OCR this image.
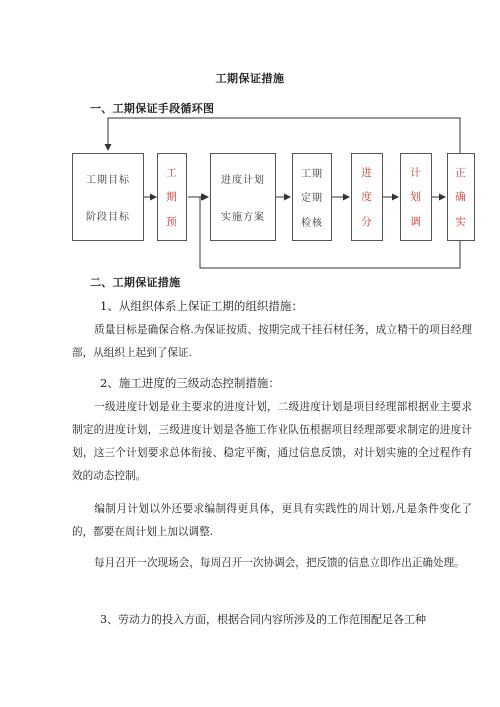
工期保证措施
一、工期保证手段循环图
工期目标
阶段目标
工
期
预
进度计划
实施方案
工期
定期
检核
进
度
分
计
划
调
正
确
实
二、工期保证措施
1、从组织体系上保证工期的组织措施：

质量目标是确保合格.为保证按质、按期完成干挂石材任务，成立精干的项目经理部，从组织上起到了保证.

2、施工进度的三级动态控制措施：

一级进度计划是业主要求的进度计划，二级进度计划是项目经理部根据业主要求制定的进度计划，三级进度计划是各施工作业队伍根据项目经理部要求制定的进度计划，这三个计划要求总体衔接、稳定平衡，通过信息反馈，对计划实施的全过程作有效的动态控制。

编制月计划以外还要求编制得更具体，更具有实践性的周计划,凡是条件变化了的，都要在周计划上加以调整.

每月召开一次现场会，每周召开一次协调会，把反馈的信息立即作出正确处理。

3、劳动力的投入方面，根据合同内容所涉及的工作范围配足各工种
